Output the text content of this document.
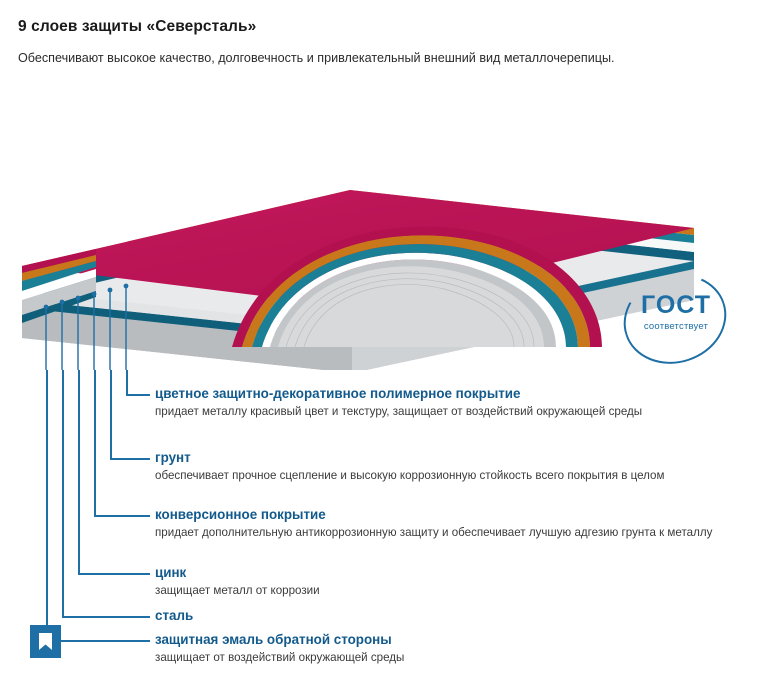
9 слоев защиты «Северсталь»

Обеспечивают высокое качество, долговечность и привлекательный внешний вид металлочерепицы.

ГОСТ
соответствует

цветное защитно-декоративное полимерное покрытие

придает металлу красивый цвет и текстуру, защищает от воздействий окружающей среды

грунт

обеспечивает прочное сцепление и высокую коррозионную стойкость всего покрытия в целом

конверсионное покрытие

придает дополнительную антикоррозионную защиту и обеспечивает лучшую адгезию грунта к металлу

цинк

защищает металл от коррозии

сталь

защитная эмаль обратной стороны

защищает от воздействий окружающей среды
